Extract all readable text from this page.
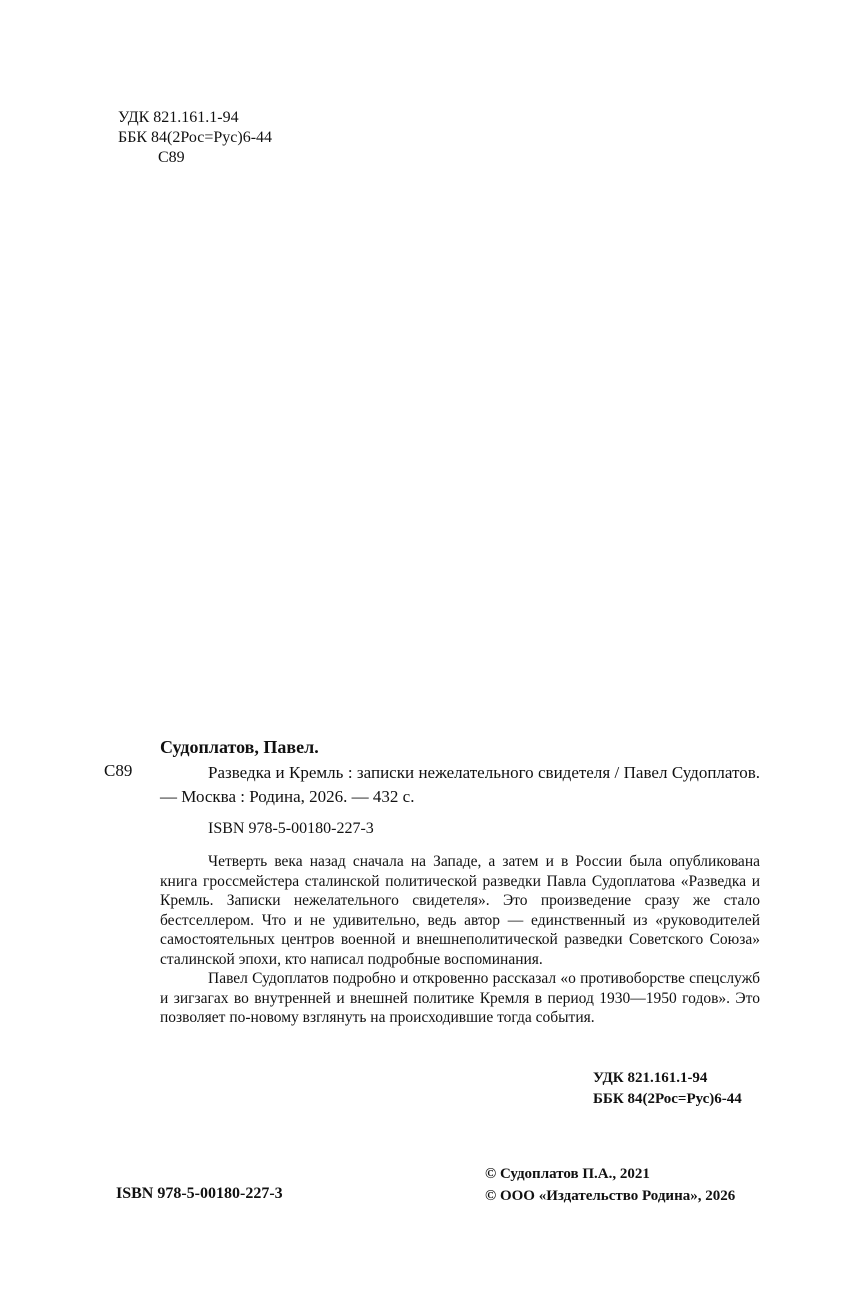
УДК 821.161.1-94
ББК 84(2Рос=Рус)6-44
С89
Судоплатов, Павел.
С89	Разведка и Кремль : записки нежелательного свидетеля / Павел Судоплатов. — Москва : Родина, 2026. — 432 с.
ISBN 978-5-00180-227-3

Четверть века назад сначала на Западе, а затем и в России была опубликована книга гроссмейстера сталинской политической разведки Павла Судоплатова «Разведка и Кремль. Записки нежелательного свидетеля». Это произведение сразу же стало бестселлером. Что и не удивительно, ведь автор — единственный из «руководителей самостоятельных центров военной и внешнеполитической разведки Советского Союза» сталинской эпохи, кто написал подробные воспоминания.

Павел Судоплатов подробно и откровенно рассказал «о противоборстве спецслужб и зигзагах во внутренней и внешней политике Кремля в период 1930—1950 годов». Это позволяет по-новому взглянуть на происходившие тогда события.

УДК 821.161.1-94
ББК 84(2Рос=Рус)6-44
© Судоплатов П.А., 2021
© ООО «Издательство Родина», 2026
ISBN 978-5-00180-227-3
